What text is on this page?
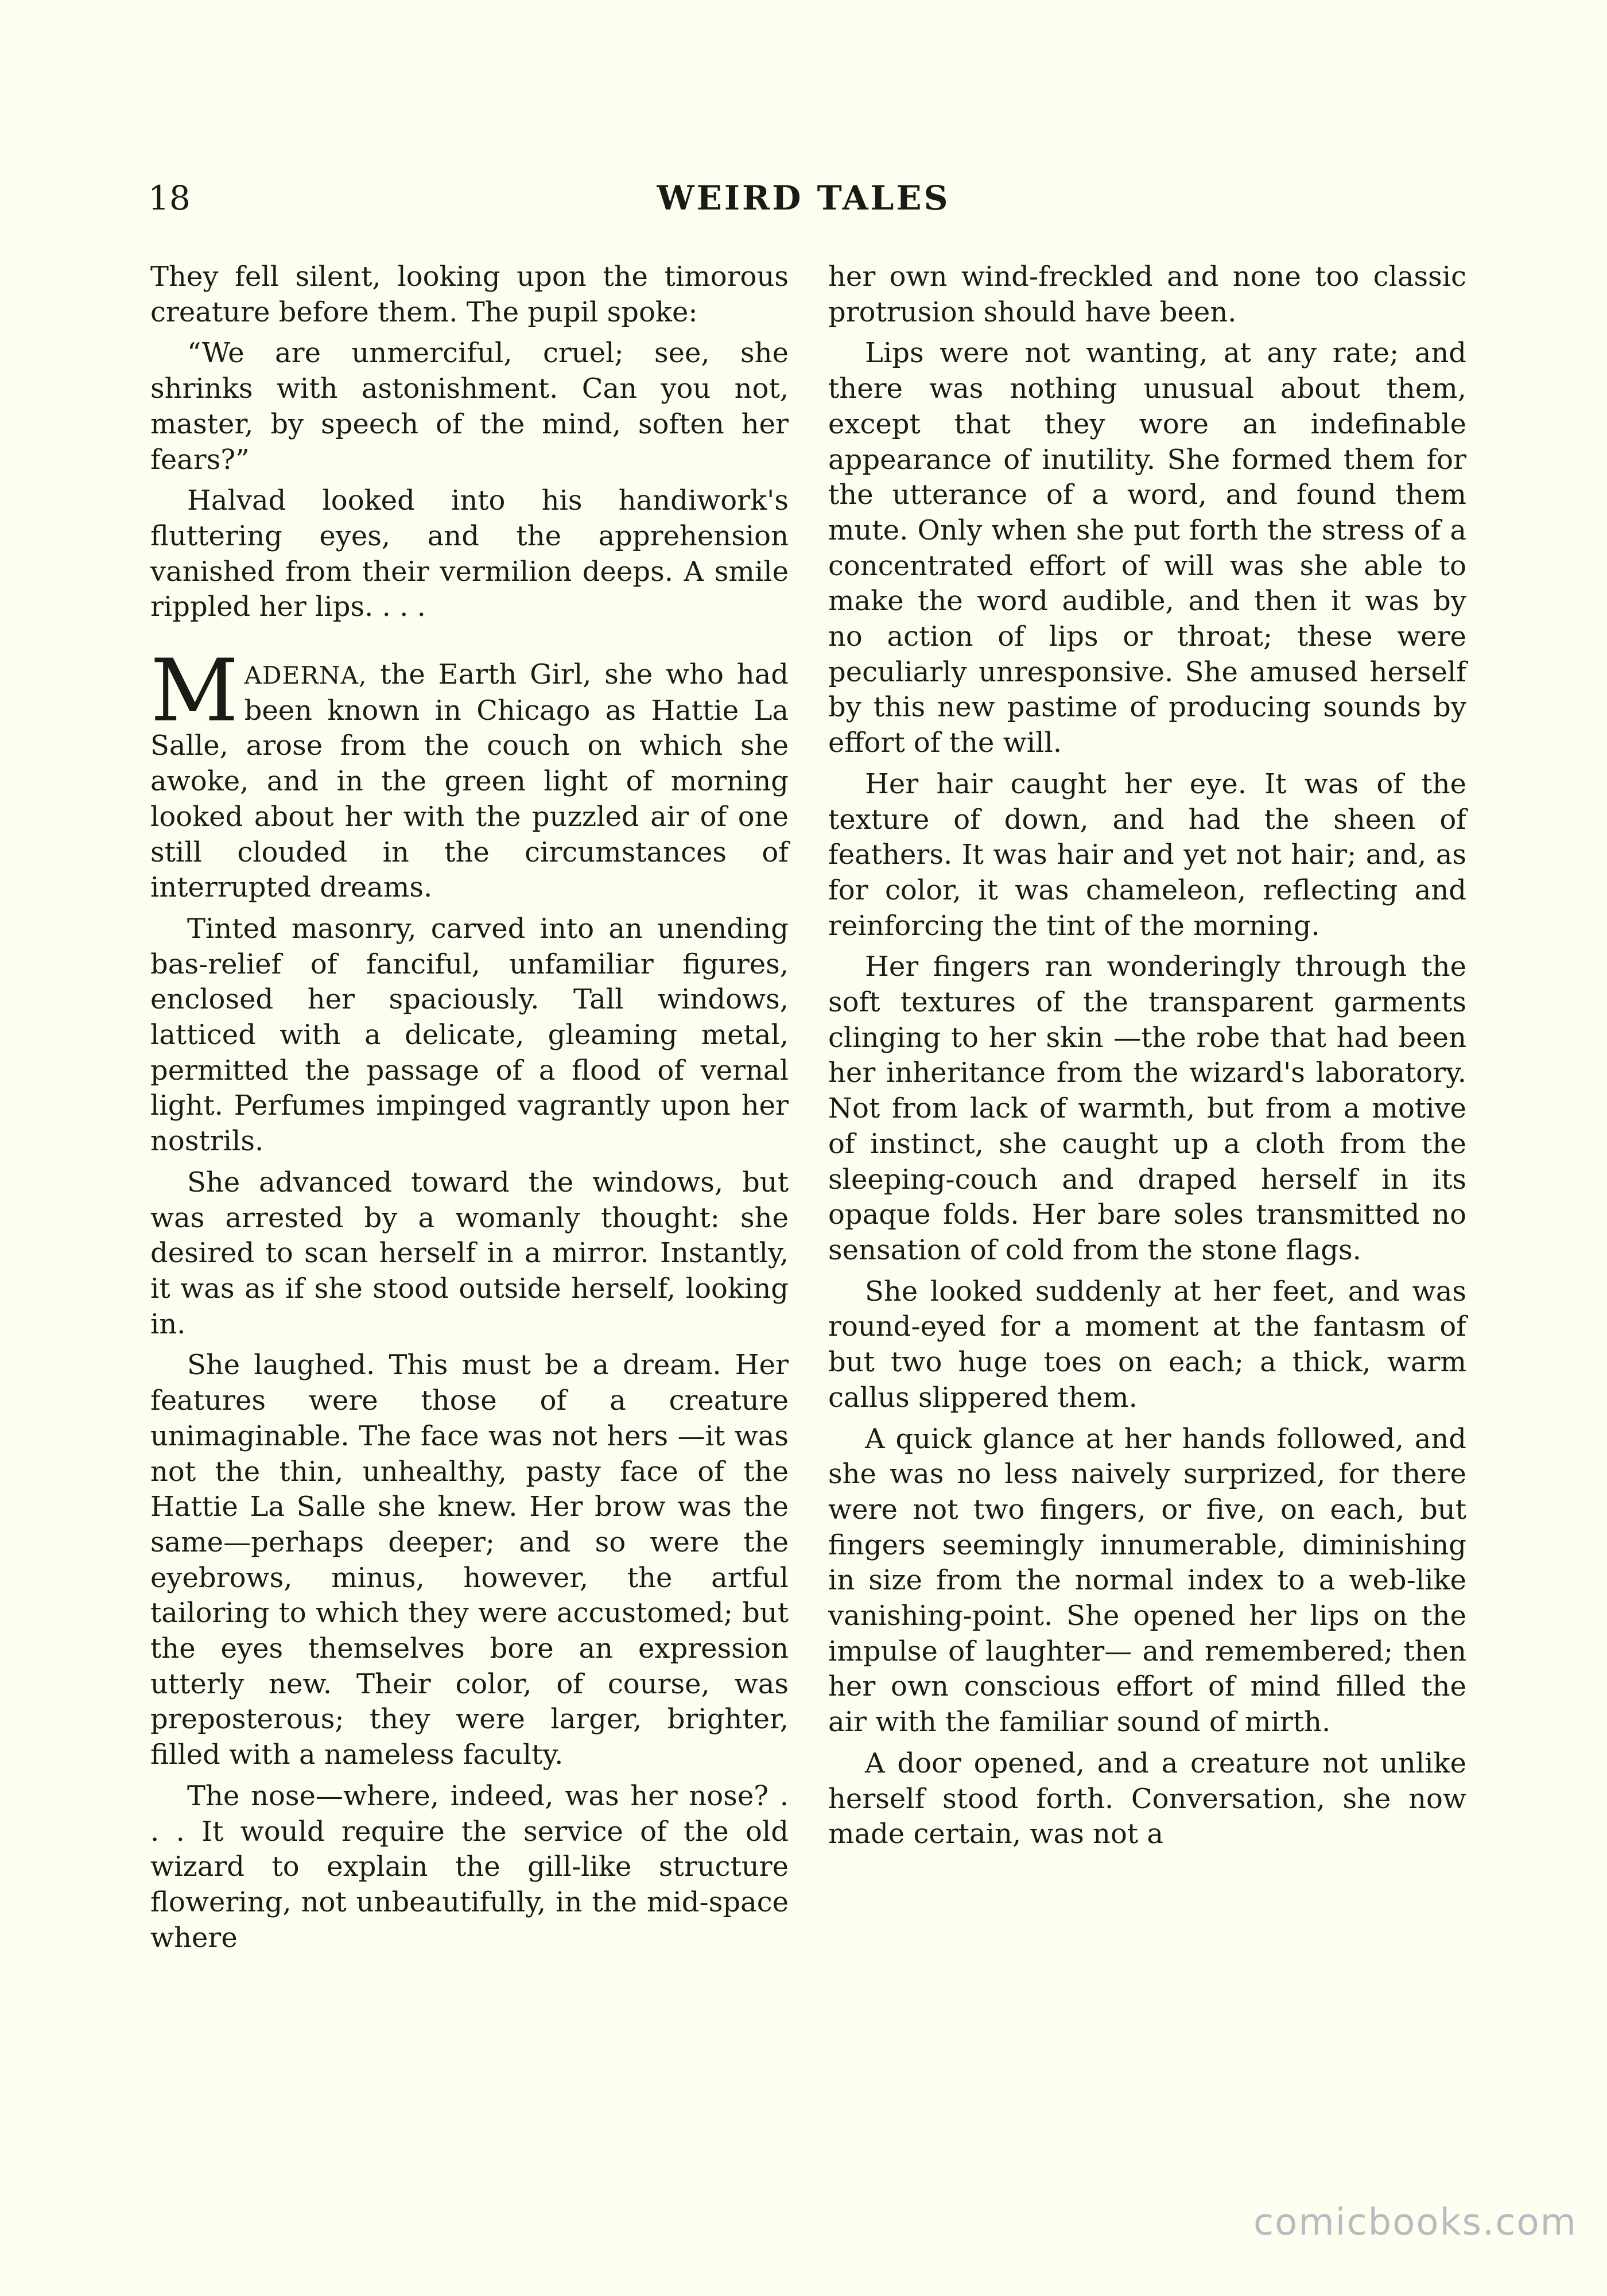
18	WEIRD TALES

They fell silent, looking upon the timorous creature before them. The pupil spoke:

“We are unmerciful, cruel; see, she shrinks with astonishment. Can you not, master, by speech of the mind, soften her fears?”

Halvad looked into his handiwork's fluttering eyes, and the apprehension vanished from their vermilion deeps. A smile rippled her lips. . . .

MADERNA, the Earth Girl, she who had been known in Chicago as Hattie La Salle, arose from the couch on which she awoke, and in the green light of morning looked about her with the puzzled air of one still clouded in the circumstances of interrupted dreams.

Tinted masonry, carved into an unending bas-relief of fanciful, unfamiliar figures, enclosed her spaciously. Tall windows, latticed with a delicate, gleaming metal, permitted the passage of a flood of vernal light. Perfumes impinged vagrantly upon her nostrils.

She advanced toward the windows, but was arrested by a womanly thought: she desired to scan herself in a mirror. Instantly, it was as if she stood outside herself, looking in.

She laughed. This must be a dream. Her features were those of a creature unimaginable. The face was not hers —it was not the thin, unhealthy, pasty face of the Hattie La Salle she knew. Her brow was the same—perhaps deeper; and so were the eyebrows, minus, however, the artful tailoring to which they were accustomed; but the eyes themselves bore an expression utterly new. Their color, of course, was preposterous; they were larger, brighter, filled with a nameless faculty.

The nose—where, indeed, was her nose? . . . It would require the service of the old wizard to explain the gill-like structure flowering, not unbeautifully, in the mid-space where

her own wind-freckled and none too classic protrusion should have been.

Lips were not wanting, at any rate; and there was nothing unusual about them, except that they wore an indefinable appearance of inutility. She formed them for the utterance of a word, and found them mute. Only when she put forth the stress of a concentrated effort of will was she able to make the word audible, and then it was by no action of lips or throat; these were peculiarly unresponsive. She amused herself by this new pastime of producing sounds by effort of the will.

Her hair caught her eye. It was of the texture of down, and had the sheen of feathers. It was hair and yet not hair; and, as for color, it was chameleon, reflecting and reinforcing the tint of the morning.

Her fingers ran wonderingly through the soft textures of the transparent garments clinging to her skin —the robe that had been her inheritance from the wizard's laboratory. Not from lack of warmth, but from a motive of instinct, she caught up a cloth from the sleeping-couch and draped herself in its opaque folds. Her bare soles transmitted no sensation of cold from the stone flags.

She looked suddenly at her feet, and was round-eyed for a moment at the fantasm of but two huge toes on each; a thick, warm callus slippered them.

A quick glance at her hands followed, and she was no less naively surprized, for there were not two fingers, or five, on each, but fingers seemingly innumerable, diminishing in size from the normal index to a web-like vanishing-point. She opened her lips on the impulse of laughter— and remembered; then her own conscious effort of mind filled the air with the familiar sound of mirth.

A door opened, and a creature not unlike herself stood forth. Conversation, she now made certain, was not a

comicbooks.com
